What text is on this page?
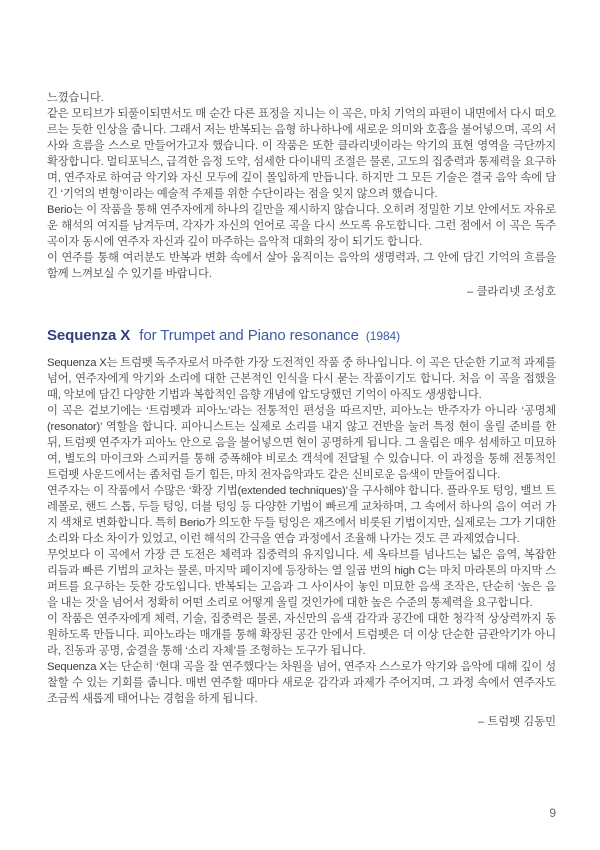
느꼈습니다.

같은 모티브가 되풀이되면서도 매 순간 다른 표정을 지니는 이 곡은, 마치 기억의 파편이 내면에서 다시 떠오르는 듯한 인상을 줍니다. 그래서 저는 반복되는 음형 하나하나에 새로운 의미와 호흡을 불어넣으며, 곡의 서사와 흐름을 스스로 만들어가고자 했습니다. 이 작품은 또한 클라리넷이라는 악기의 표현 영역을 극단까지 확장합니다. 멀티포닉스, 급격한 음정 도약, 섬세한 다이내믹 조절은 물론, 고도의 집중력과 통제력을 요구하며, 연주자로 하여금 악기와 자신 모두에 깊이 몰입하게 만듭니다. 하지만 그 모든 기술은 결국 음악 속에 담긴 ‘기억의 변형’이라는 예술적 주제를 위한 수단이라는 점을 잊지 않으려 했습니다.

Berio는 이 작품을 통해 연주자에게 하나의 길만을 제시하지 않습니다. 오히려 정밀한 기보 안에서도 자유로운 해석의 여지를 남겨두며, 각자가 자신의 언어로 곡을 다시 쓰도록 유도합니다. 그런 점에서 이 곡은 독주곡이자 동시에 연주자 자신과 깊이 마주하는 음악적 대화의 장이 되기도 합니다.

이 연주를 통해 여러분도 반복과 변화 속에서 살아 움직이는 음악의 생명력과, 그 안에 담긴 기억의 흐름을 함께 느껴보실 수 있기를 바랍니다.

– 클라리넷 조성호

Sequenza X for Trumpet and Piano resonance (1984)

Sequenza X는 트럼펫 독주자로서 마주한 가장 도전적인 작품 중 하나입니다. 이 곡은 단순한 기교적 과제를 넘어, 연주자에게 악기와 소리에 대한 근본적인 인식을 다시 묻는 작품이기도 합니다. 처음 이 곡을 접했을 때, 악보에 담긴 다양한 기법과 복합적인 음향 개념에 압도당했던 기억이 아직도 생생합니다.

이 곡은 겉보기에는 ‘트럼펫과 피아노’라는 전통적인 편성을 따르지만, 피아노는 반주자가 아니라 ‘공명체(resonator)’ 역할을 합니다. 피아니스트는 실제로 소리를 내지 않고 건반을 눌러 특정 현이 울릴 준비를 한 뒤, 트럼펫 연주자가 피아노 안으로 음을 불어넣으면 현이 공명하게 됩니다. 그 울림은 매우 섬세하고 미묘하여, 별도의 마이크와 스피커를 통해 증폭해야 비로소 객석에 전달될 수 있습니다. 이 과정을 통해 전통적인 트럼펫 사운드에서는 좀처럼 듣기 힘든, 마치 전자음악과도 같은 신비로운 음색이 만들어집니다.

연주자는 이 작품에서 수많은 ‘확장 기법(extended techniques)’을 구사해야 합니다. 플라우토 텅잉, 밸브 트레몰로, 핸드 스톱, 두들 텅잉, 더블 텅잉 등 다양한 기법이 빠르게 교차하며, 그 속에서 하나의 음이 여러 가지 색채로 변화합니다. 특히 Berio가 의도한 두들 텅잉은 재즈에서 비롯된 기법이지만, 실제로는 그가 기대한 소리와 다소 차이가 있었고, 이런 해석의 간극을 연습 과정에서 조율해 나가는 것도 큰 과제였습니다.

무엇보다 이 곡에서 가장 큰 도전은 체력과 집중력의 유지입니다. 세 옥타브를 넘나드는 넓은 음역, 복잡한 리듬과 빠른 기법의 교차는 물론, 마지막 페이지에 등장하는 열 일곱 번의 high C는 마치 마라톤의 마지막 스퍼트를 요구하는 듯한 강도입니다. 반복되는 고음과 그 사이사이 놓인 미묘한 음색 조작은, 단순히 ‘높은 음을 내는 것’을 넘어서 정확히 어떤 소리로 어떻게 울릴 것인가에 대한 높은 수준의 통제력을 요구합니다.

이 작품은 연주자에게 체력, 기술, 집중력은 물론, 자신만의 음색 감각과 공간에 대한 청각적 상상력까지 동원하도록 만듭니다. 피아노라는 매개를 통해 확장된 공간 안에서 트럼펫은 더 이상 단순한 금관악기가 아니라, 진동과 공명, 숨결을 통해 ‘소리 자체’를 조형하는 도구가 됩니다.

Sequenza X는 단순히 ‘현대 곡을 잘 연주했다’는 차원을 넘어, 연주자 스스로가 악기와 음악에 대해 깊이 성찰할 수 있는 기회를 줍니다. 매번 연주할 때마다 새로운 감각과 과제가 주어지며, 그 과정 속에서 연주자도 조금씩 새롭게 태어나는 경험을 하게 됩니다.

– 트럼펫 김동민

9
